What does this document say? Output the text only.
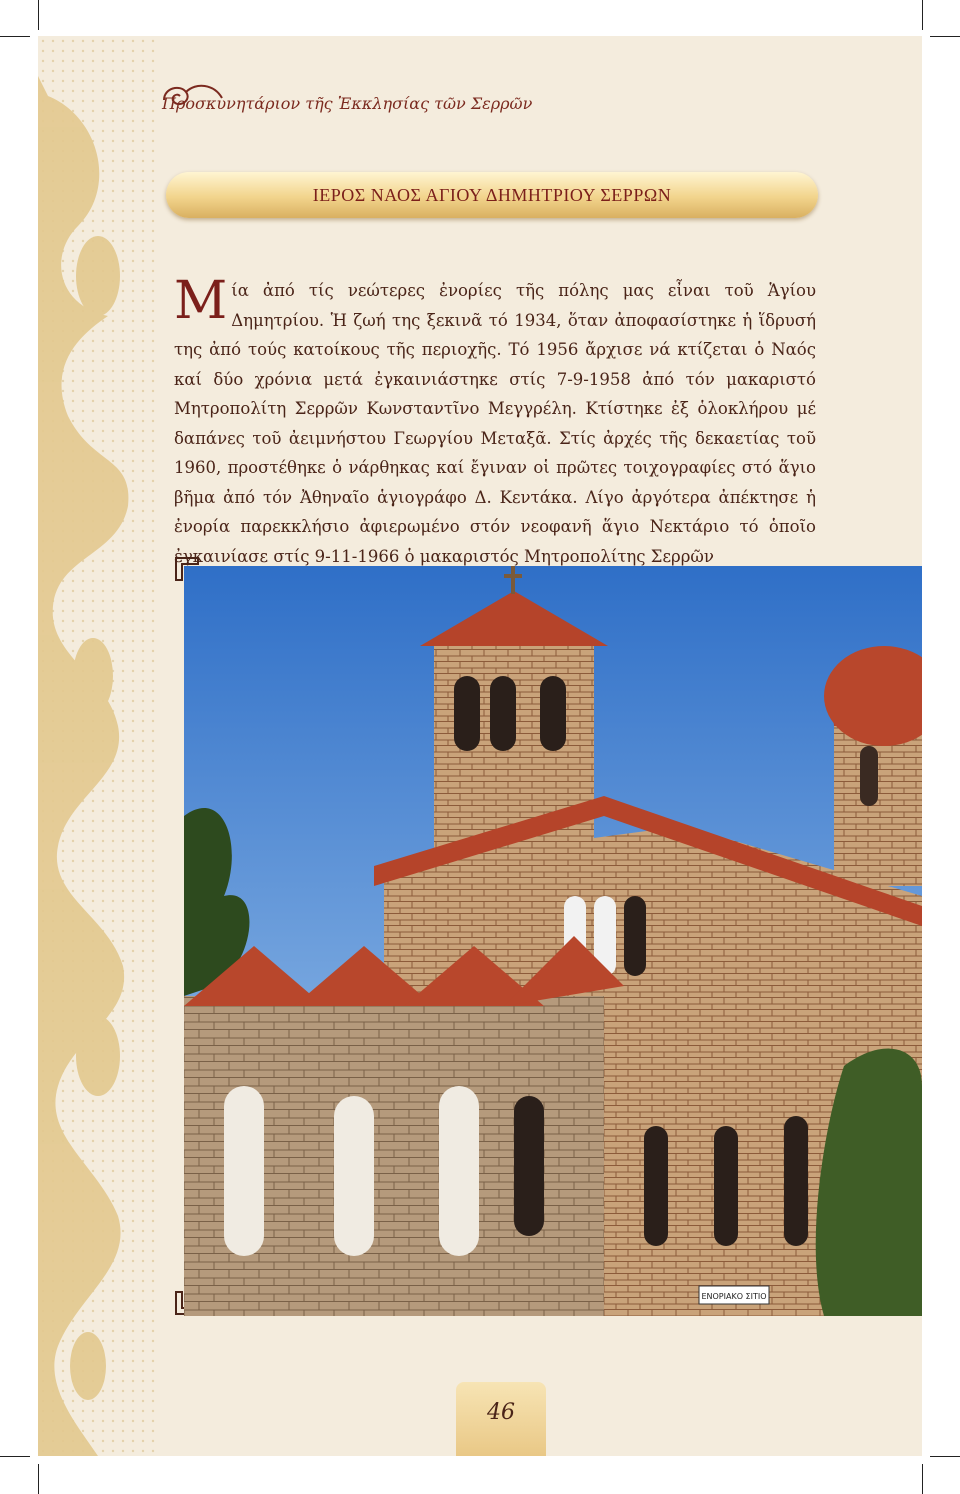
Προσκυνητάριον τῆς Ἐκκλησίας τῶν Σερρῶν
ΙΕΡΟΣ ΝΑΟΣ ΑΓΙΟΥ ΔΗΜΗΤΡΙΟΥ ΣΕΡΡΩΝ
Μία ἀπό τίς νεώτερες ἐνορίες τῆς πόλης μας εἶναι τοῦ Ἁγίου Δημητρίου. Ἡ ζωή της ξεκινᾶ τό 1934, ὅταν ἀποφασίστηκε ἡ ἵδρυσή της ἀπό τούς κατοίκους τῆς περιοχῆς. Τό 1956 ἄρχισε νά κτίζεται ὁ Ναός καί δύο χρόνια μετά ἐγκαινιάστηκε στίς 7-9-1958 ἀπό τόν μακαριστό Μητροπολίτη Σερρῶν Κωνσταντῖνο Μεγγρέλη. Κτίστηκε ἐξ ὁλοκλήρου μέ δαπάνες τοῦ ἀειμνήστου Γεωργίου Μεταξᾶ. Στίς ἀρχές τῆς δεκαετίας τοῦ 1960, προστέθηκε ὁ νάρθηκας καί ἔγιναν οἱ πρῶτες τοιχογραφίες στό ἅγιο βῆμα ἀπό τόν Ἀθηναῖο ἁγιογράφο Δ. Κεντάκα. Λίγο ἀργότερα ἀπέκτησε ἡ ἐνορία παρεκκλήσιο ἀφιερωμένο στόν νεοφανῆ ἅγιο Νεκτάριο τό ὁποῖο ἐγκαινίασε στίς 9-11-1966 ὁ μακαριστός Μητροπολίτης Σερρῶν
ΕΝΟΡΙΑΚΟ ΣΙΤΙΟ
46
